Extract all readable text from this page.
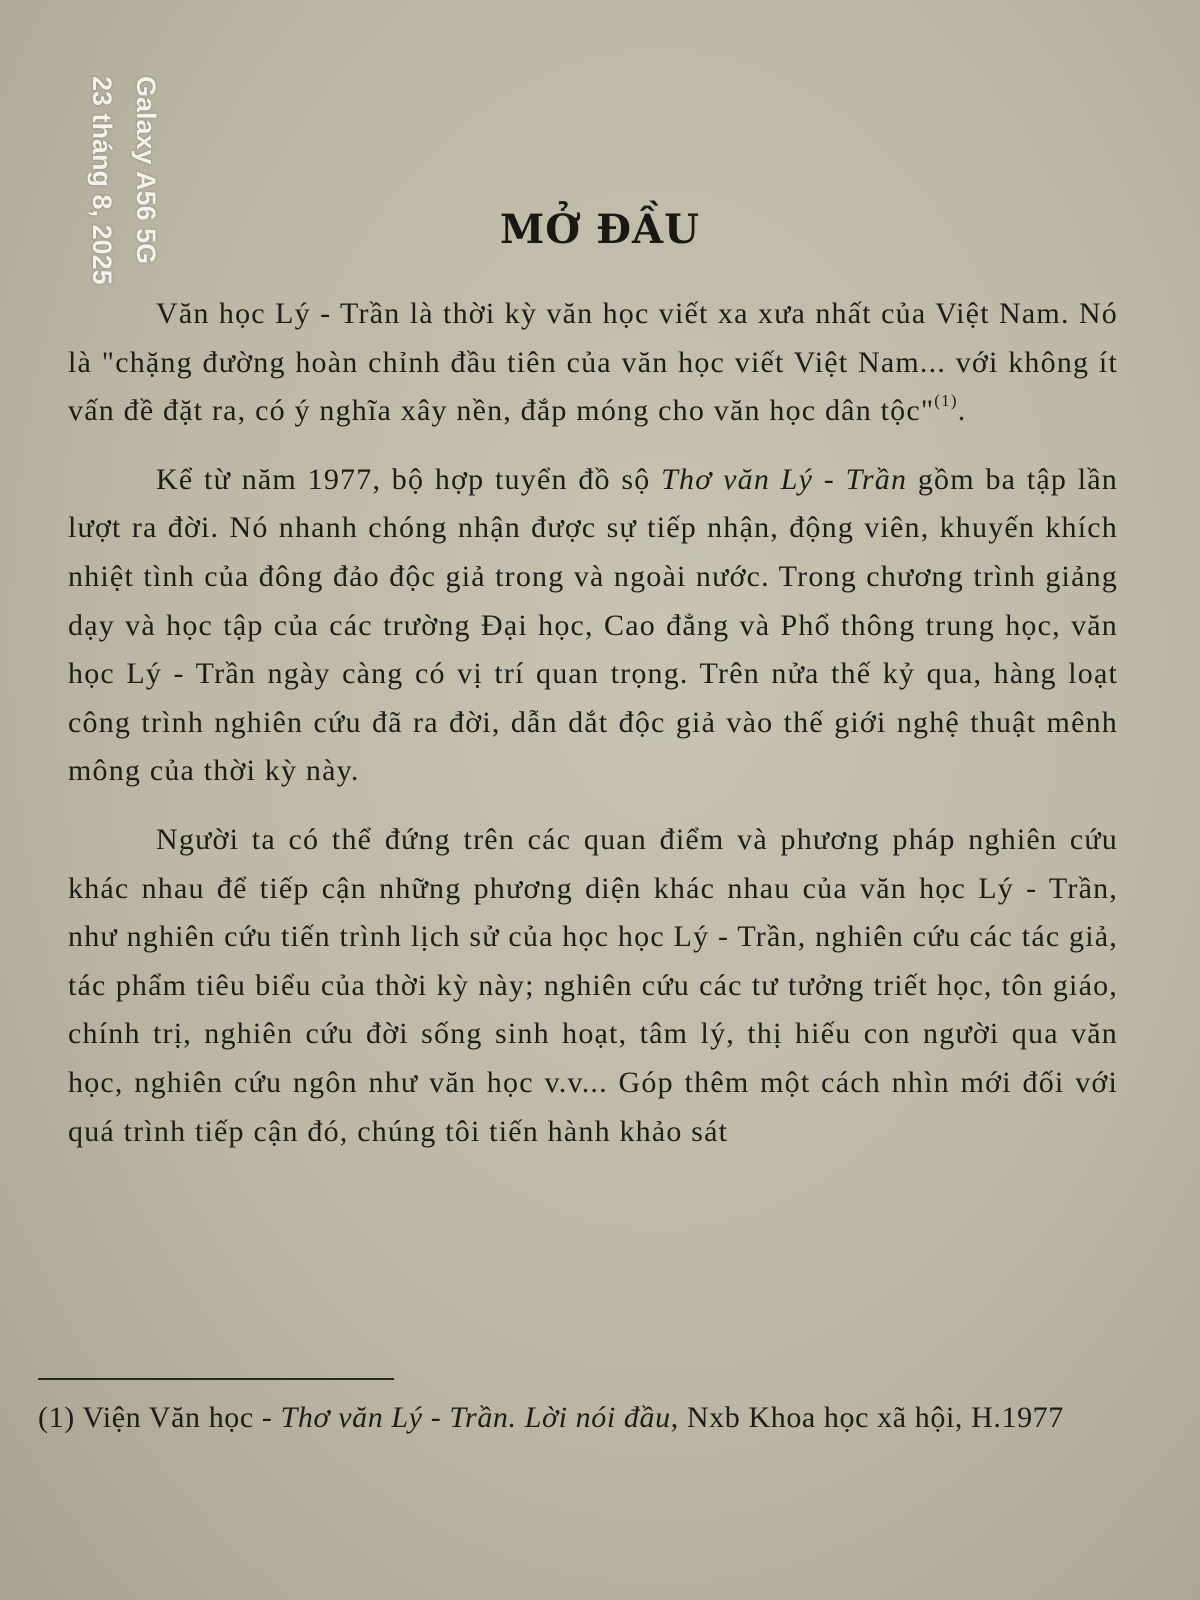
Galaxy A56 5G
23 tháng 8, 2025	MỞ ĐẦU

Văn học Lý - Trần là thời kỳ văn học viết xa xưa nhất của Việt Nam. Nó là "chặng đường hoàn chỉnh đầu tiên của văn học viết Việt Nam... với không ít vấn đề đặt ra, có ý nghĩa xây nền, đắp móng cho văn học dân tộc"$^{(1)}$.

Kể từ năm 1977, bộ hợp tuyển đồ sộ Thơ văn Lý - Trần gồm ba tập lần lượt ra đời. Nó nhanh chóng nhận được sự tiếp nhận, động viên, khuyến khích nhiệt tình của đông đảo độc giả trong và ngoài nước. Trong chương trình giảng dạy và học tập của các trường Đại học, Cao đẳng và Phổ thông trung học, văn học Lý - Trần ngày càng có vị trí quan trọng. Trên nửa thế kỷ qua, hàng loạt công trình nghiên cứu đã ra đời, dẫn dắt độc giả vào thế giới nghệ thuật mênh mông của thời kỳ này.

Người ta có thể đứng trên các quan điểm và phương pháp nghiên cứu khác nhau để tiếp cận những phương diện khác nhau của văn học Lý - Trần, như nghiên cứu tiến trình lịch sử của học học Lý - Trần, nghiên cứu các tác giả, tác phẩm tiêu biểu của thời kỳ này; nghiên cứu các tư tưởng triết học, tôn giáo, chính trị, nghiên cứu đời sống sinh hoạt, tâm lý, thị hiếu con người qua văn học, nghiên cứu ngôn như văn học v.v... Góp thêm một cách nhìn mới đối với quá trình tiếp cận đó, chúng tôi tiến hành khảo sát

(1) Viện Văn học - Thơ văn Lý - Trần. Lời nói đầu, Nxb Khoa học xã hội, H.1977
